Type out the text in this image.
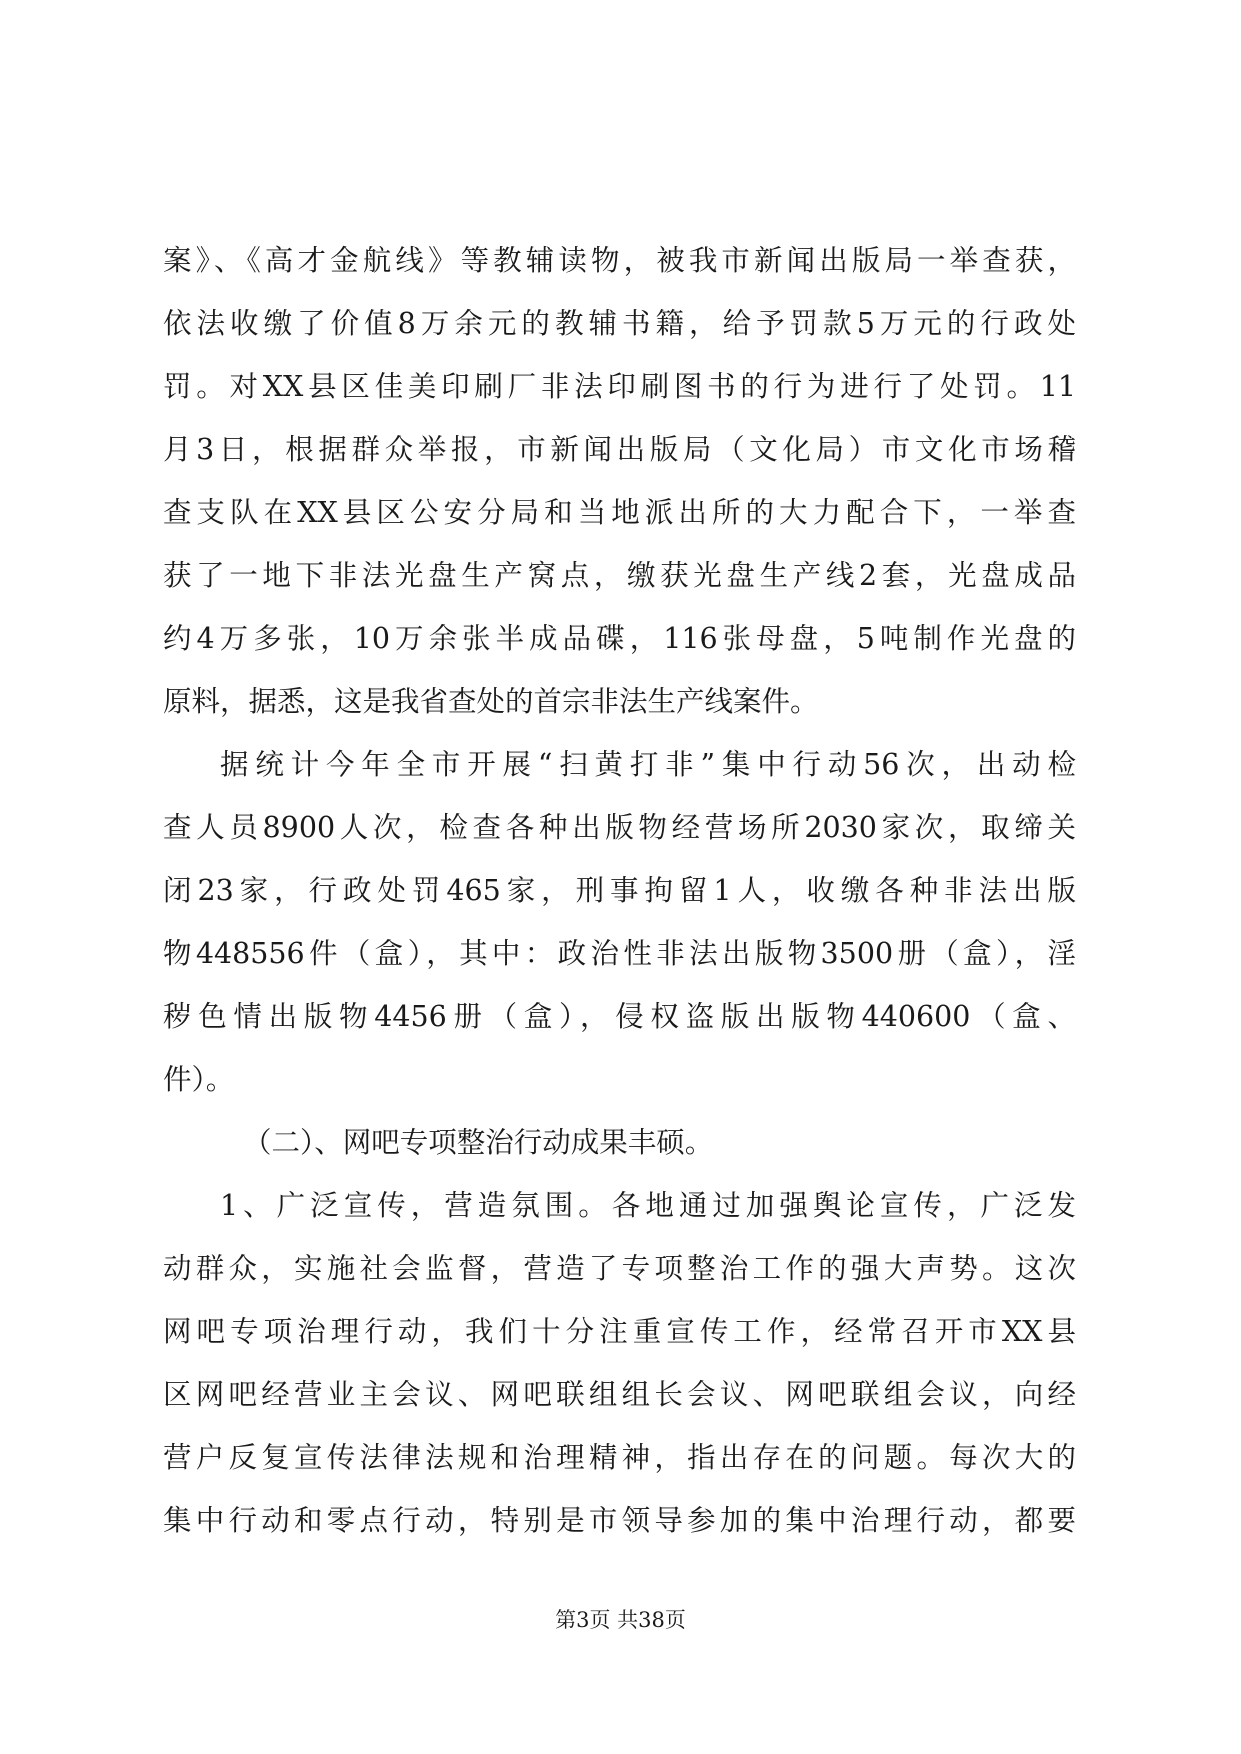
案》、《高才金航线》等教辅读物，被我市新闻出版局一举查获，
依法收缴了价值8万余元的教辅书籍，给予罚款5万元的行政处
罚。对XX县区佳美印刷厂非法印刷图书的行为进行了处罚。11
月3日，根据群众举报，市新闻出版局（文化局）市文化市场稽
查支队在XX县区公安分局和当地派出所的大力配合下，一举查
获了一地下非法光盘生产窝点，缴获光盘生产线2套，光盘成品
约4万多张，10万余张半成品碟，116张母盘，5吨制作光盘的
原料，据悉，这是我省查处的首宗非法生产线案件。
据统计今年全市开展“扫黄打非”集中行动56次，出动检
查人员8900人次，检查各种出版物经营场所2030家次，取缔关
闭23家，行政处罚465家，刑事拘留1人，收缴各种非法出版
物448556件（盒），其中：政治性非法出版物3500册（盒），淫
秽色情出版物4456册（盒），侵权盗版出版物440600（盒、
件）。
（二）、网吧专项整治行动成果丰硕。
1、广泛宣传，营造氛围。各地通过加强舆论宣传，广泛发
动群众，实施社会监督，营造了专项整治工作的强大声势。这次
网吧专项治理行动，我们十分注重宣传工作，经常召开市XX县
区网吧经营业主会议、网吧联组组长会议、网吧联组会议，向经
营户反复宣传法律法规和治理精神，指出存在的问题。每次大的
集中行动和零点行动，特别是市领导参加的集中治理行动，都要
第3页 共38页
